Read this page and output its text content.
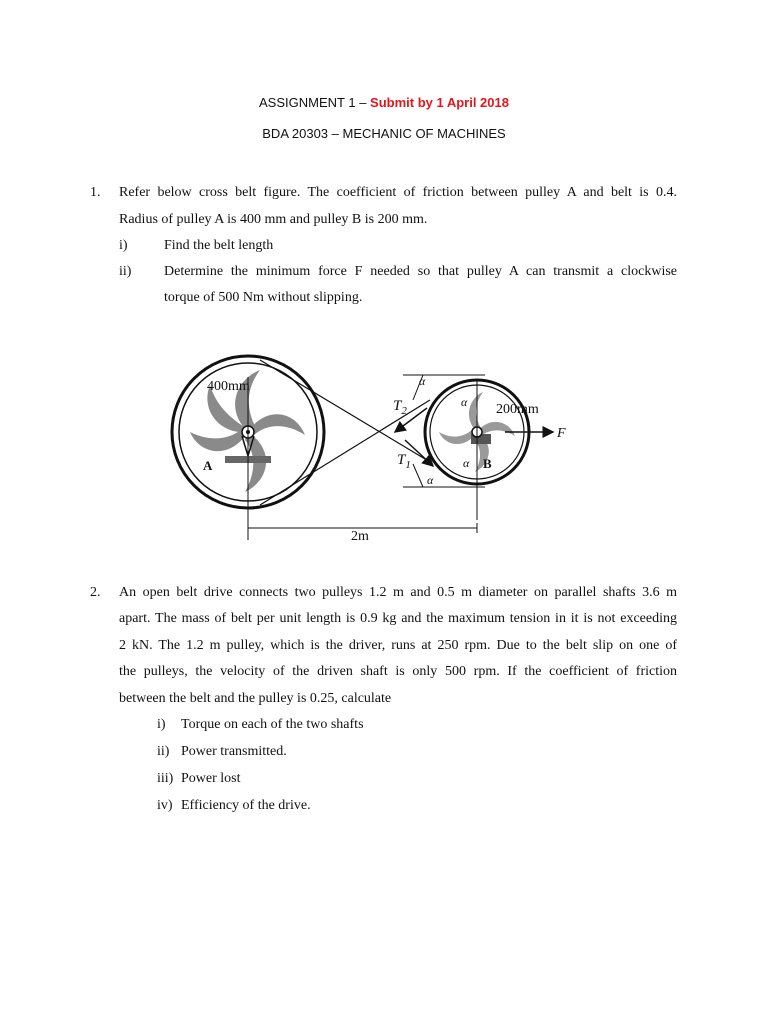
ASSIGNMENT 1 – Submit by 1 April 2018
BDA 20303 – MECHANIC OF MACHINES
1. Refer below cross belt figure. The coefficient of friction between pulley A and belt is 0.4.
Radius of pulley A is 400 mm and pulley B is 200 mm.
i)	Find the belt length
ii) Determine the minimum force F needed so that pulley A can transmit a clockwise
torque of 500 Nm without slipping.
400mm
A
200mm
B
$T_2$
$T_1$
α
α
α
α
F
2m
2. An open belt drive connects two pulleys 1.2 m and 0.5 m diameter on parallel shafts 3.6 m
apart. The mass of belt per unit length is 0.9 kg and the maximum tension in it is not exceeding
2 kN. The 1.2 m pulley, which is the driver, runs at 250 rpm. Due to the belt slip on one of
the pulleys, the velocity of the driven shaft is only 500 rpm. If the coefficient of friction
between the belt and the pulley is 0.25, calculate
i) Torque on each of the two shafts
ii) Power transmitted.
iii) Power lost
iv) Efficiency of the drive.
